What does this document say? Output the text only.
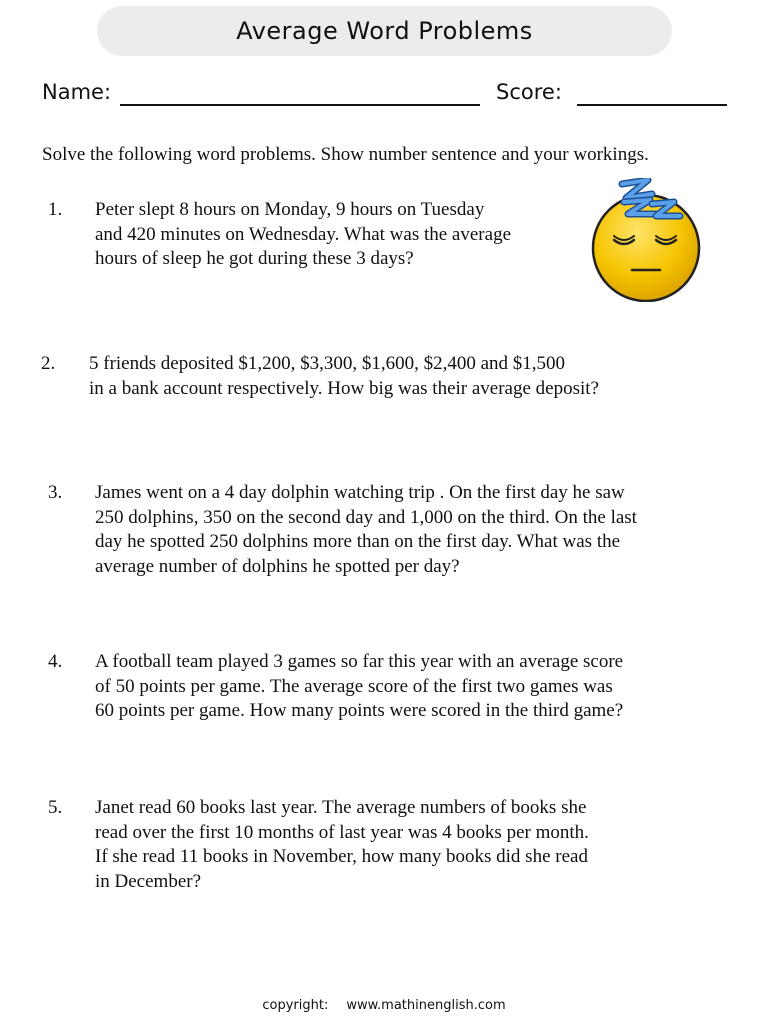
Average Word Problems
Name:	Score:
Solve the following word problems. Show number sentence and your workings.
1.	Peter slept 8 hours on Monday, 9 hours on Tuesday
and 420 minutes on Wednesday. What was the average
hours of sleep he got during these 3 days?
2.	5 friends deposited $1,200, $3,300, $1,600, $2,400 and $1,500
in a bank account respectively. How big was their average deposit?
3.	James went on a 4 day dolphin watching trip . On the first day he saw
250 dolphins, 350 on the second day and 1,000 on the third. On the last
day he spotted 250 dolphins more than on the first day. What was the
average number of dolphins he spotted per day?
4.	A football team played 3 games so far this year with an average score
of 50 points per game. The average score of the first two games was
60 points per game. How many points were scored in the third game?
5.	Janet read 60 books last year. The average numbers of books she
read over the first 10 months of last year was 4 books per month.
If she read 11 books in November, how many books did she read
in December?
copyright: www.mathinenglish.com
